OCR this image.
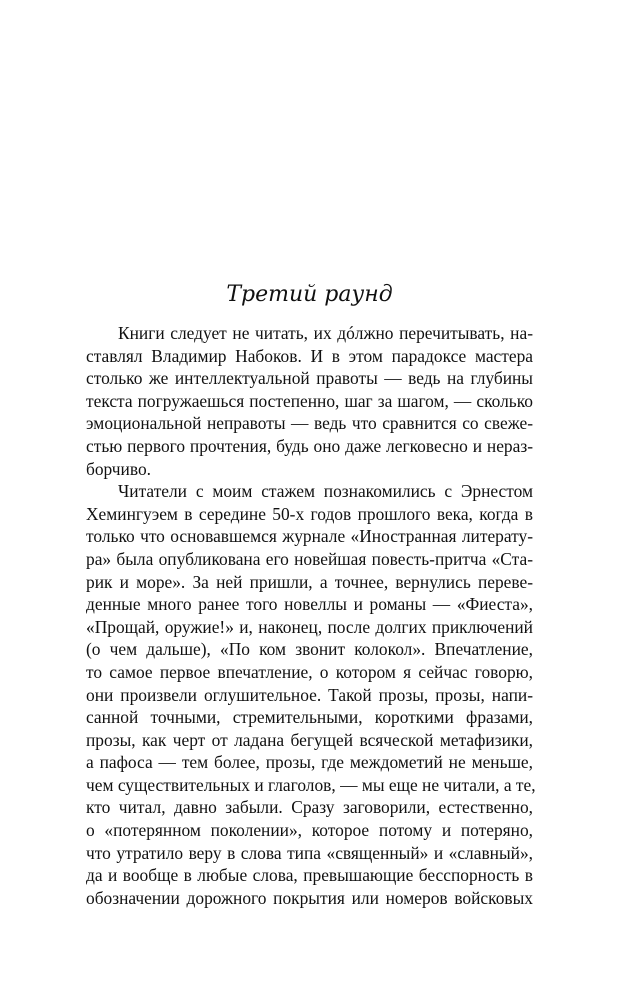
Третий раунд
Книги следует не читать, их дóлжно перечитывать, на-
ставлял Владимир Набоков. И в этом парадоксе мастера
столько же интеллектуальной правоты — ведь на глубины
текста погружаешься постепенно, шаг за шагом, — сколько
эмоциональной неправоты — ведь что сравнится со свеже-
стью первого прочтения, будь оно даже легковесно и нераз-
борчиво.
Читатели с моим стажем познакомились с Эрнестом
Хемингуэем в середине 50-х годов прошлого века, когда в
только что основавшемся журнале «Иностранная литерату-
ра» была опубликована его новейшая повесть-притча «Ста-
рик и море». За ней пришли, а точнее, вернулись переве-
денные много ранее того новеллы и романы — «Фиеста»,
«Прощай, оружие!» и, наконец, после долгих приключений
(о чем дальше), «По ком звонит колокол». Впечатление,
то самое первое впечатление, о котором я сейчас говорю,
они произвели оглушительное. Такой прозы, прозы, напи-
санной точными, стремительными, короткими фразами,
прозы, как черт от ладана бегущей всяческой метафизики,
а пафоса — тем более, прозы, где междометий не меньше,
чем существительных и глаголов, — мы еще не читали, а те,
кто читал, давно забыли. Сразу заговорили, естественно,
о «потерянном поколении», которое потому и потеряно,
что утратило веру в слова типа «священный» и «славный»,
да и вообще в любые слова, превышающие бесспорность в
обозначении дорожного покрытия или номеров войсковых
